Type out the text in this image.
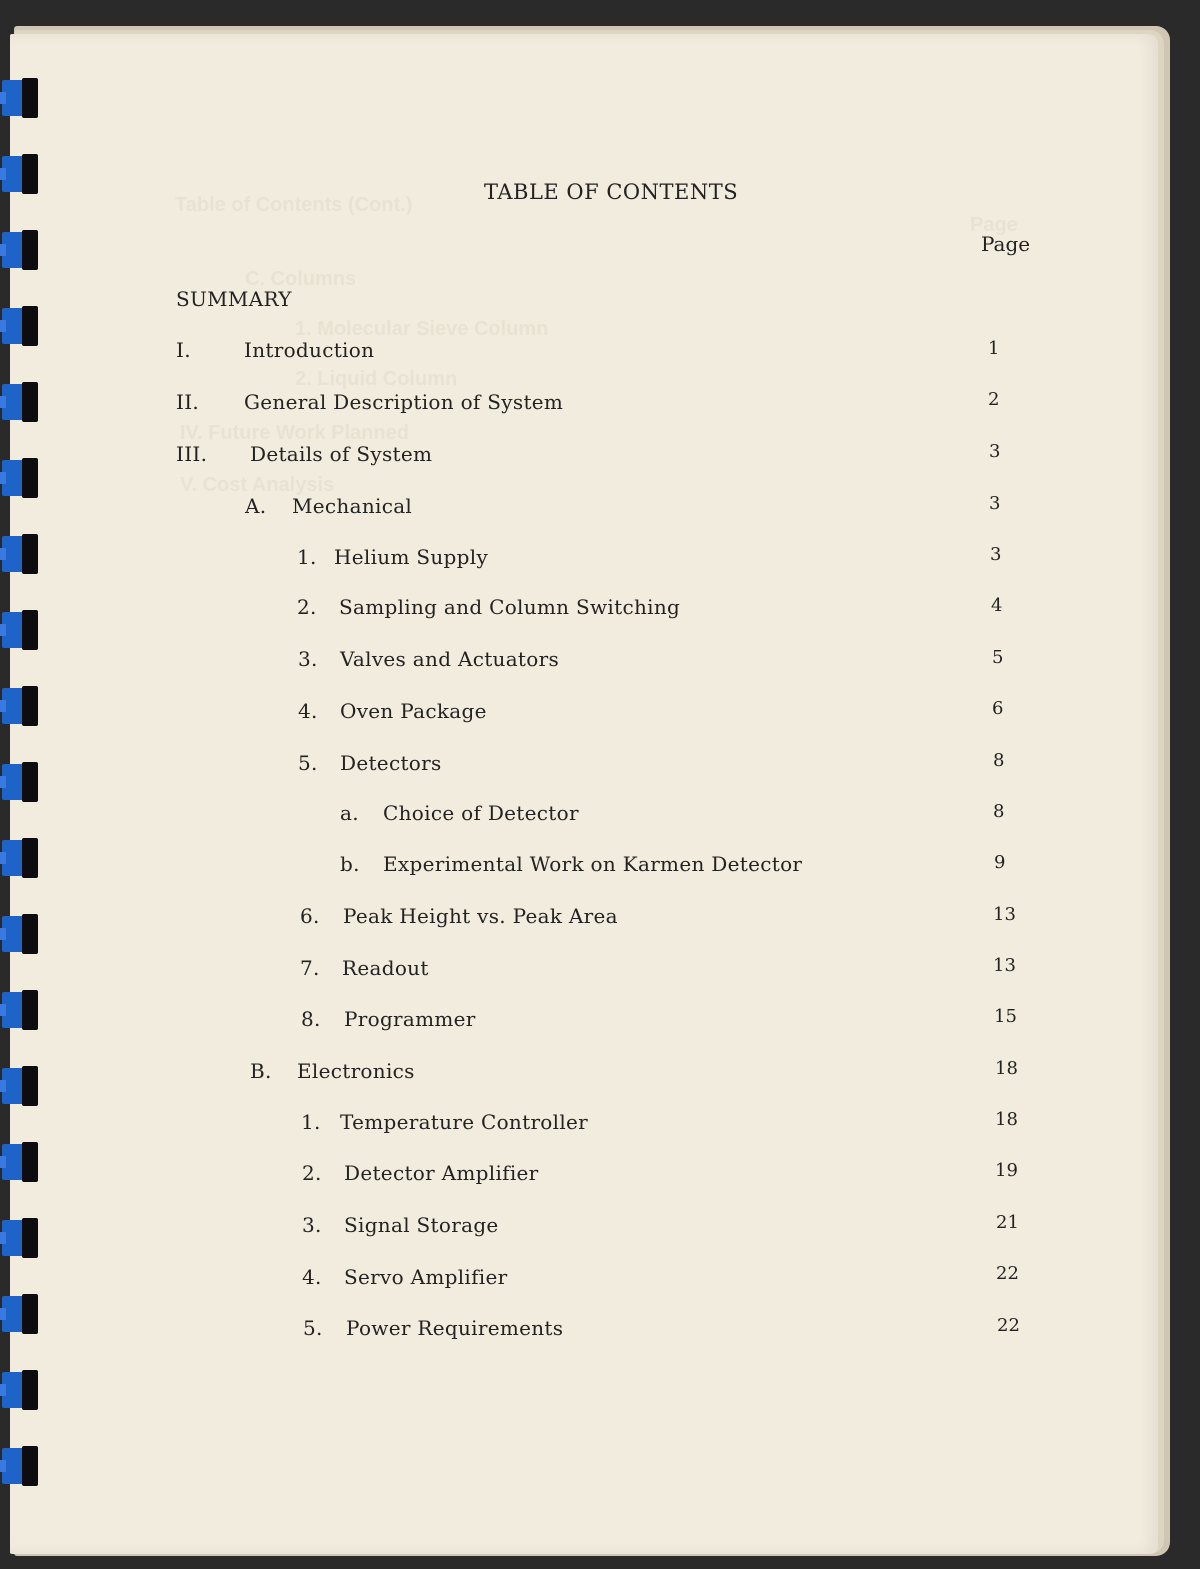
Table of Contents (Cont.)
Page
C. Columns
1. Molecular Sieve Column
2. Liquid Column
IV. Future Work Planned
V. Cost Analysis
TABLE OF CONTENTS
Page
SUMMARY
I.	Introduction	1
II. General Description of System	2
III. Details of System	3
A. Mechanical	3
1. Helium Supply	3
2. Sampling and Column Switching	4
3. Valves and Actuators	5
4. Oven Package	6
5. Detectors	8
a. Choice of Detector	8
b. Experimental Work on Karmen Detector	9
6. Peak Height vs. Peak Area	13
7. Readout	13
8. Programmer	15
B. Electronics	18
1. Temperature Controller	18
2. Detector Amplifier	19
3. Signal Storage	21
4. Servo Amplifier	22
5. Power Requirements	22
